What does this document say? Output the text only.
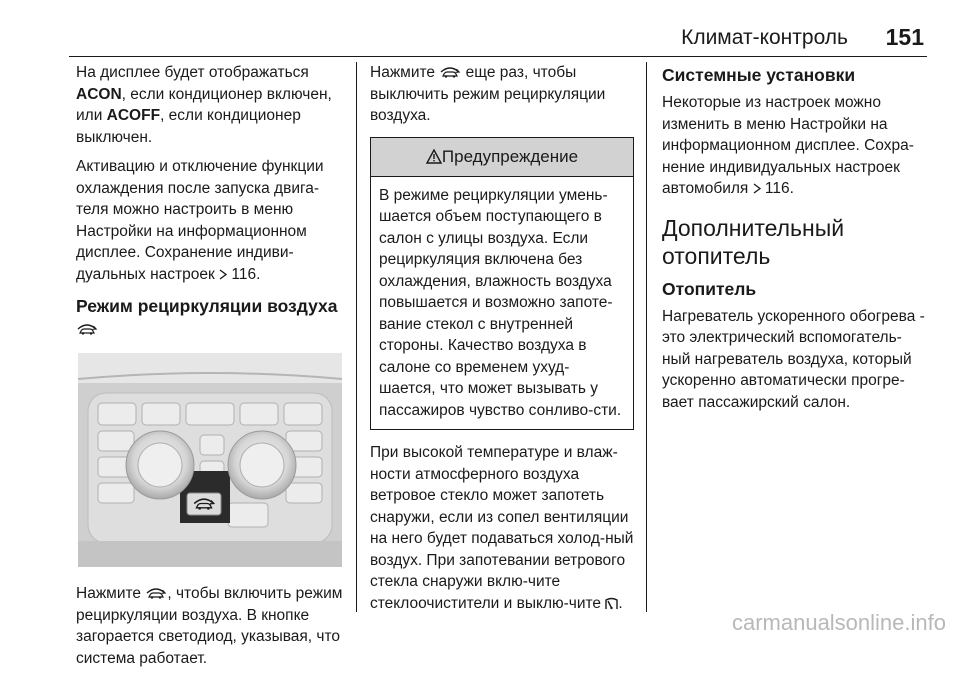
Климат-контроль 151

На дисплее будет отображаться ACON, если кондиционер включен, или ACOFF, если кондиционер выключен.

Активацию и отключение функции охлаждения после запуска двига-теля можно настроить в меню Настройки на информационном дисплее. Сохранение индиви-дуальных настроек  116.

Режим рециркуляции воздуха

Нажмите , чтобы включить режим рециркуляции воздуха. В кнопке загорается светодиод, указывая, что система работает.

Нажмите  еще раз, чтобы выключить режим рециркуляции воздуха.

Предупреждение
В режиме рециркуляции умень-шается объем поступающего в салон с улицы воздуха. Если рециркуляция включена без охлаждения, влажность воздуха повышается и возможно запоте-вание стекол с внутренней стороны. Качество воздуха в салоне со временем ухуд-шается, что может вызывать у пассажиров чувство сонливо-сти.

При высокой температуре и влаж-ности атмосферного воздуха ветровое стекло может запотеть снаружи, если из сопел вентиляции на него будет подаваться холод-ный воздух. При запотевании ветрового стекла снаружи вклю-чите стеклоочистители и выклю-чите .

Системные установки

Некоторые из настроек можно изменить в меню Настройки на информационном дисплее. Сохра-нение индивидуальных настроек автомобиля  116.

Дополнительный отопитель
Отопитель

Нагреватель ускоренного обогрева - это электрический вспомогатель-ный нагреватель воздуха, который ускоренно автоматически прогре-вает пассажирский салон.

carmanualsonline.info
